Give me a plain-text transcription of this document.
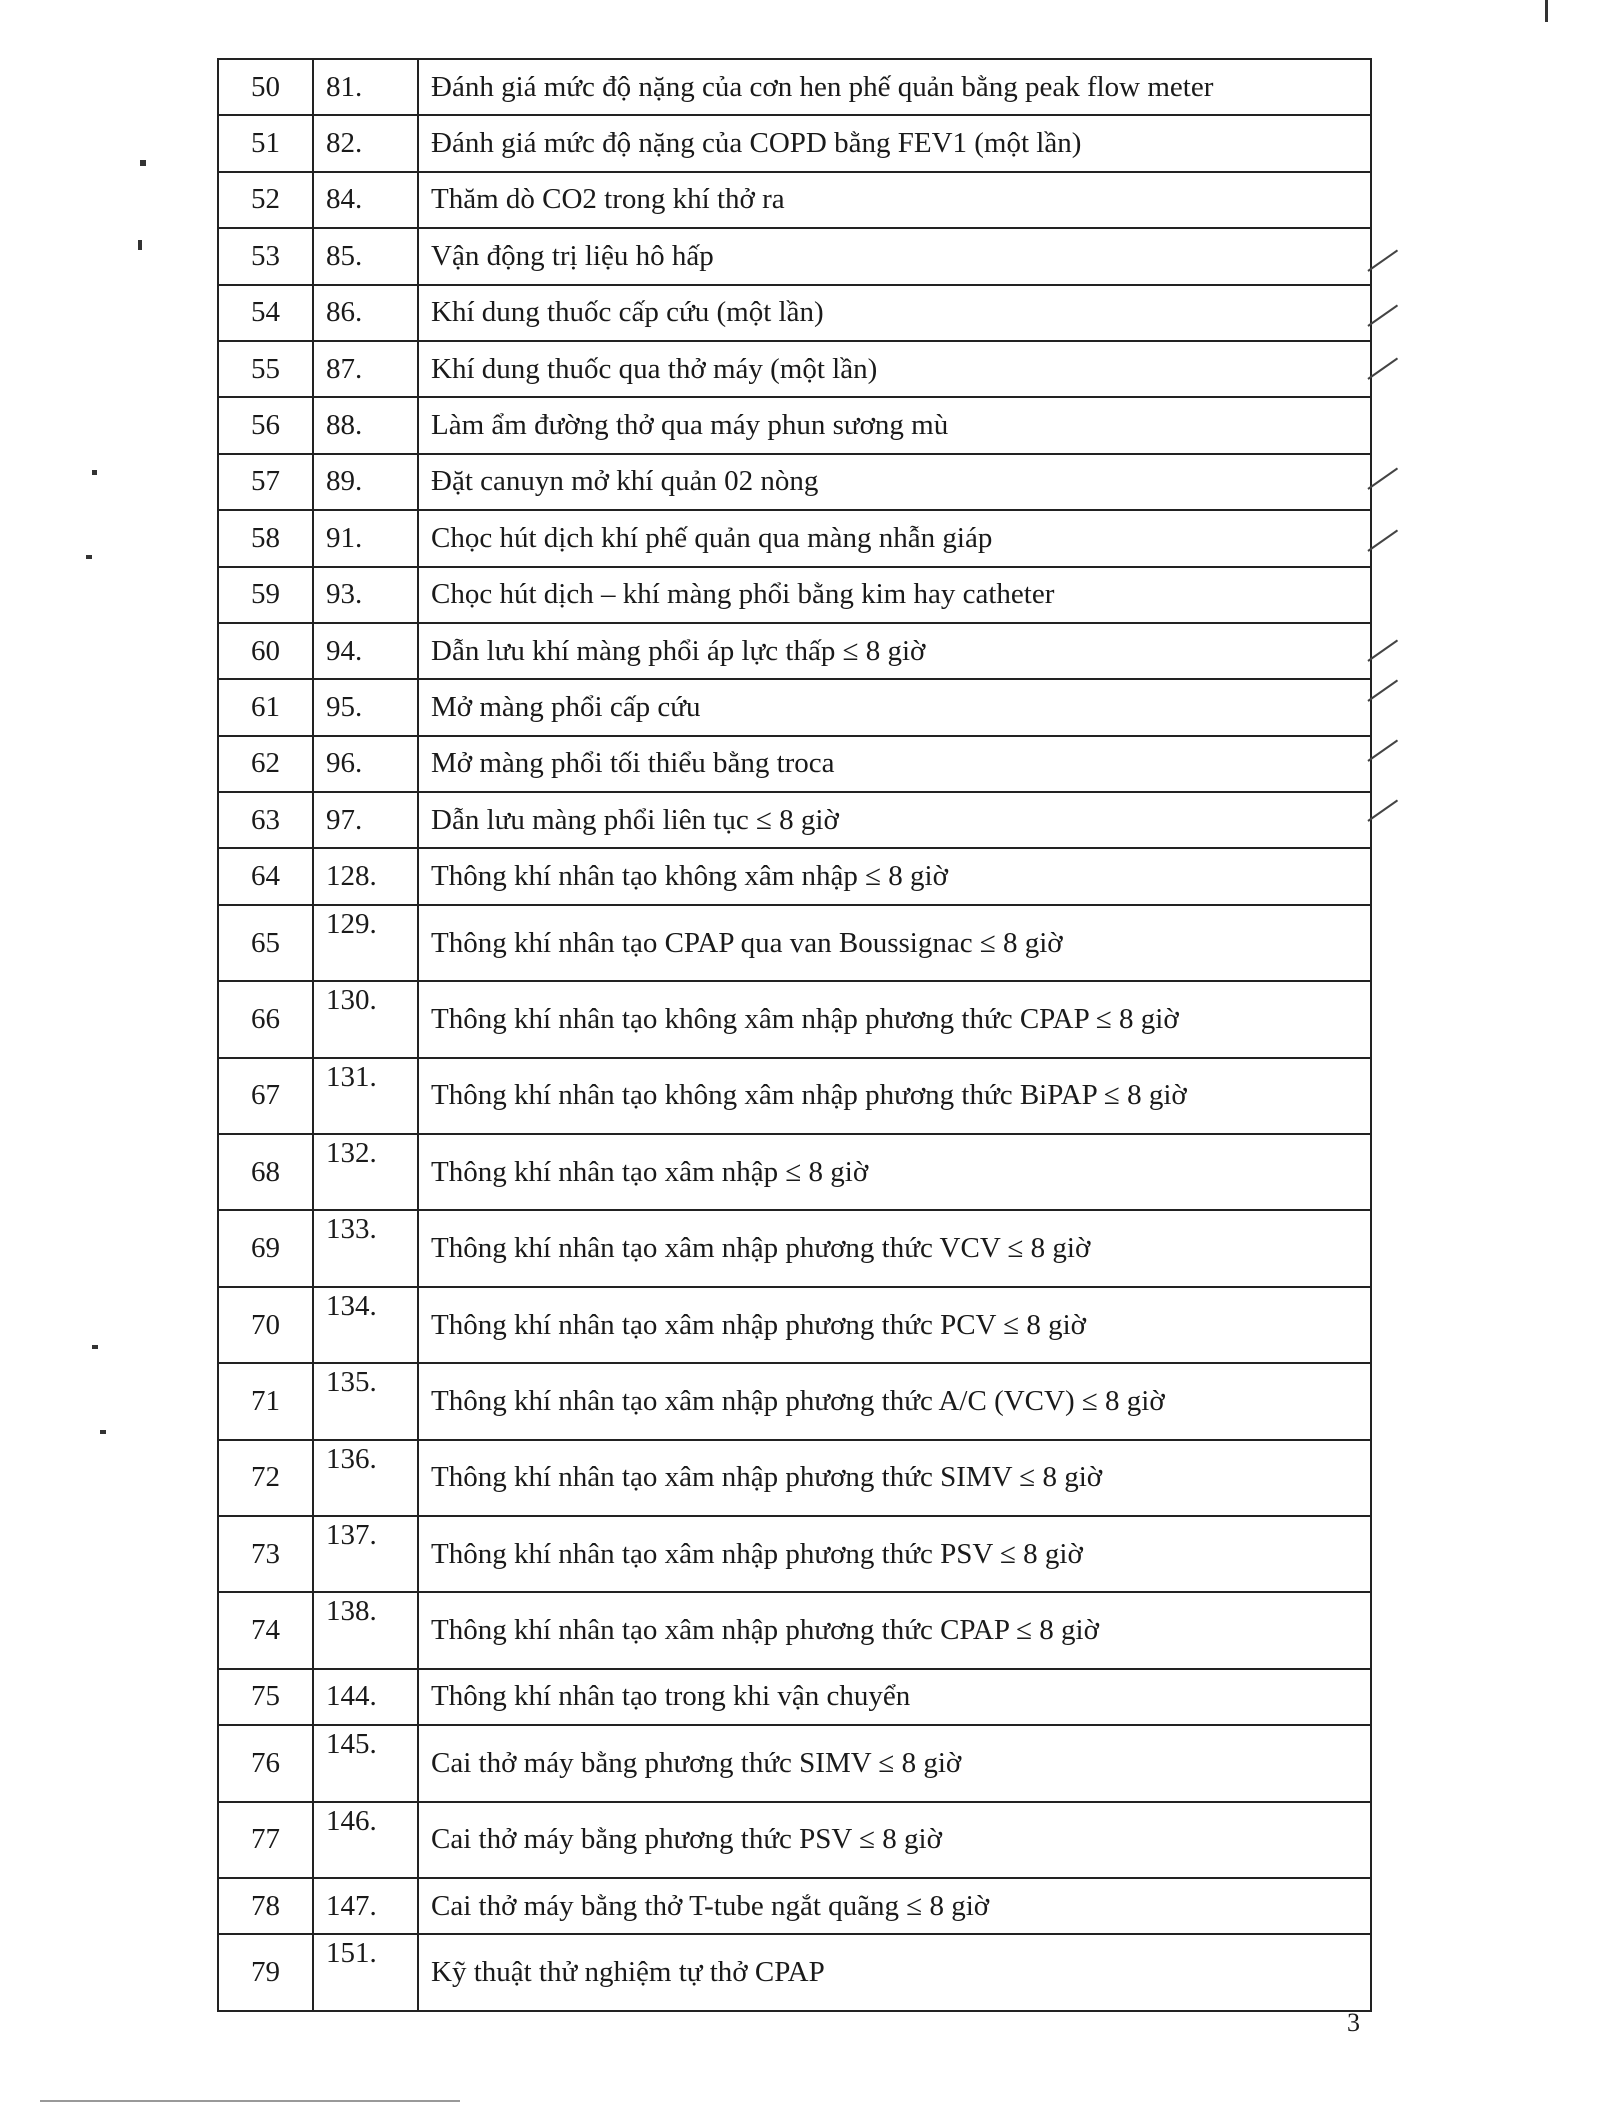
50	81.	Đánh giá mức độ nặng của cơn hen phế quản bằng peak flow meter
51	82.	Đánh giá mức độ nặng của COPD bằng FEV1 (một lần)
52	84.	Thăm dò CO2 trong khí thở ra
53	85.	Vận động trị liệu hô hấp
54	86.	Khí dung thuốc cấp cứu (một lần)
55	87.	Khí dung thuốc qua thở máy (một lần)
56	88.	Làm ẩm đường thở qua máy phun sương mù
57	89.	Đặt canuyn mở khí quản 02 nòng
58	91.	Chọc hút dịch khí phế quản qua màng nhẫn giáp
59	93.	Chọc hút dịch – khí màng phổi bằng kim hay catheter
60	94.	Dẫn lưu khí màng phổi áp lực thấp ≤ 8 giờ
61	95.	Mở màng phổi cấp cứu
62	96.	Mở màng phổi tối thiểu bằng troca
63	97.	Dẫn lưu màng phổi liên tục ≤ 8 giờ
64	128.	Thông khí nhân tạo không xâm nhập ≤ 8 giờ
65	129.	Thông khí nhân tạo CPAP qua van Boussignac ≤ 8 giờ
66	130.	Thông khí nhân tạo không xâm nhập phương thức CPAP ≤ 8 giờ
67	131.	Thông khí nhân tạo không xâm nhập phương thức BiPAP ≤ 8 giờ
68	132.	Thông khí nhân tạo xâm nhập ≤ 8 giờ
69	133.	Thông khí nhân tạo xâm nhập phương thức VCV ≤ 8 giờ
70	134.	Thông khí nhân tạo xâm nhập phương thức PCV ≤ 8 giờ
71	135.	Thông khí nhân tạo xâm nhập phương thức A/C (VCV) ≤ 8 giờ
72	136.	Thông khí nhân tạo xâm nhập phương thức SIMV ≤ 8 giờ
73	137.	Thông khí nhân tạo xâm nhập phương thức PSV ≤ 8 giờ
74	138.	Thông khí nhân tạo xâm nhập phương thức CPAP ≤ 8 giờ
75	144.	Thông khí nhân tạo trong khi vận chuyển
76	145.	Cai thở máy bằng phương thức SIMV ≤ 8 giờ
77	146.	Cai thở máy bằng phương thức PSV ≤ 8 giờ
78	147.	Cai thở máy bằng thở T-tube ngắt quãng ≤ 8 giờ
79	151.	Kỹ thuật thử nghiệm tự thở CPAP
3
